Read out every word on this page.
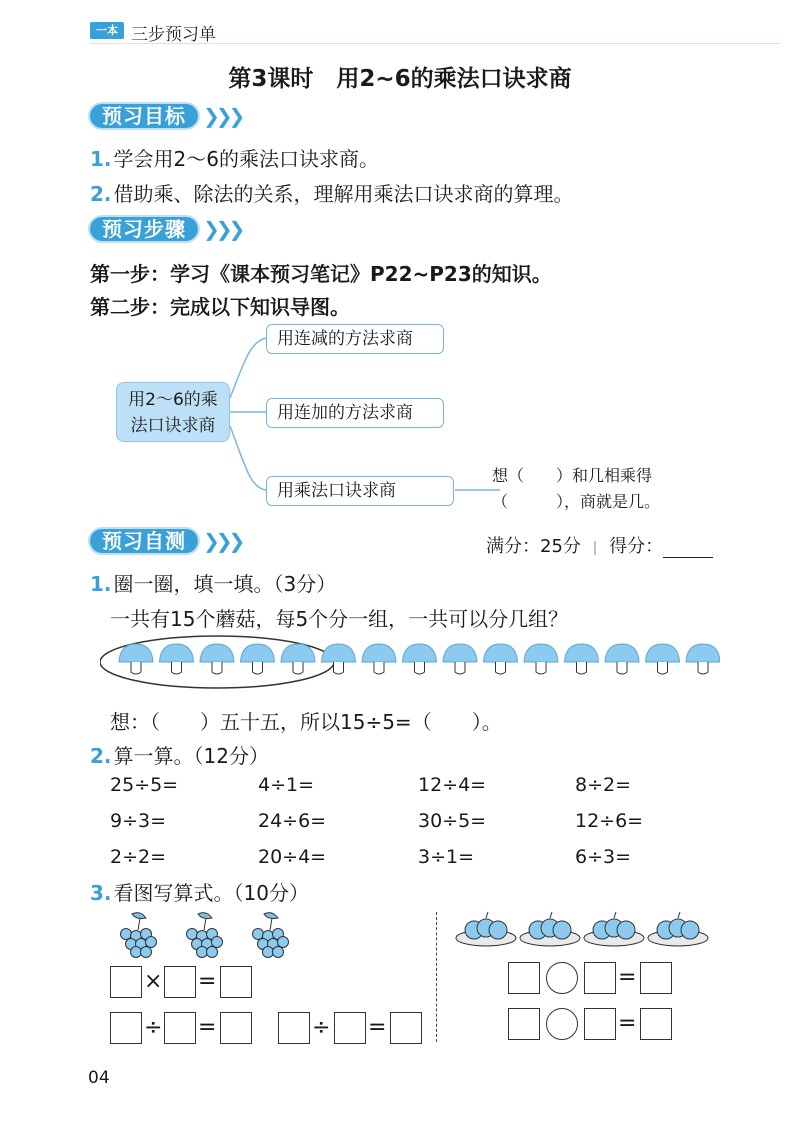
一本 三步预习单
第3课时　用2~6的乘法口诀求商
预习目标 ❯❯❯
1. 学会用2～6的乘法口诀求商。
2. 借助乘、除法的关系，理解用乘法口诀求商的算理。
预习步骤 ❯❯❯
第一步：学习《课本预习笔记》P22~P23的知识。
第二步：完成以下知识导图。
用2～6的乘
法口诀求商
用连减的方法求商
用连加的方法求商
用乘法口诀求商
想（　　）和几相乘得
（　　　），商就是几。
预习自测 ❯❯❯	满分：25分 | 得分：
1. 圈一圈，填一填。（3分）
一共有15个蘑菇，每5个分一组，一共可以分几组？
想：（　　）五十五，所以15÷5=（　　）。
2. 算一算。（12分）
25÷5=	4÷1=	12÷4=	8÷2=
9÷3=	24÷6=	30÷5=	12÷6=
2÷2=	20÷4=	3÷1=	6÷3=
3. 看图写算式。（10分）
× =
÷ =	÷ =
=
=
04
